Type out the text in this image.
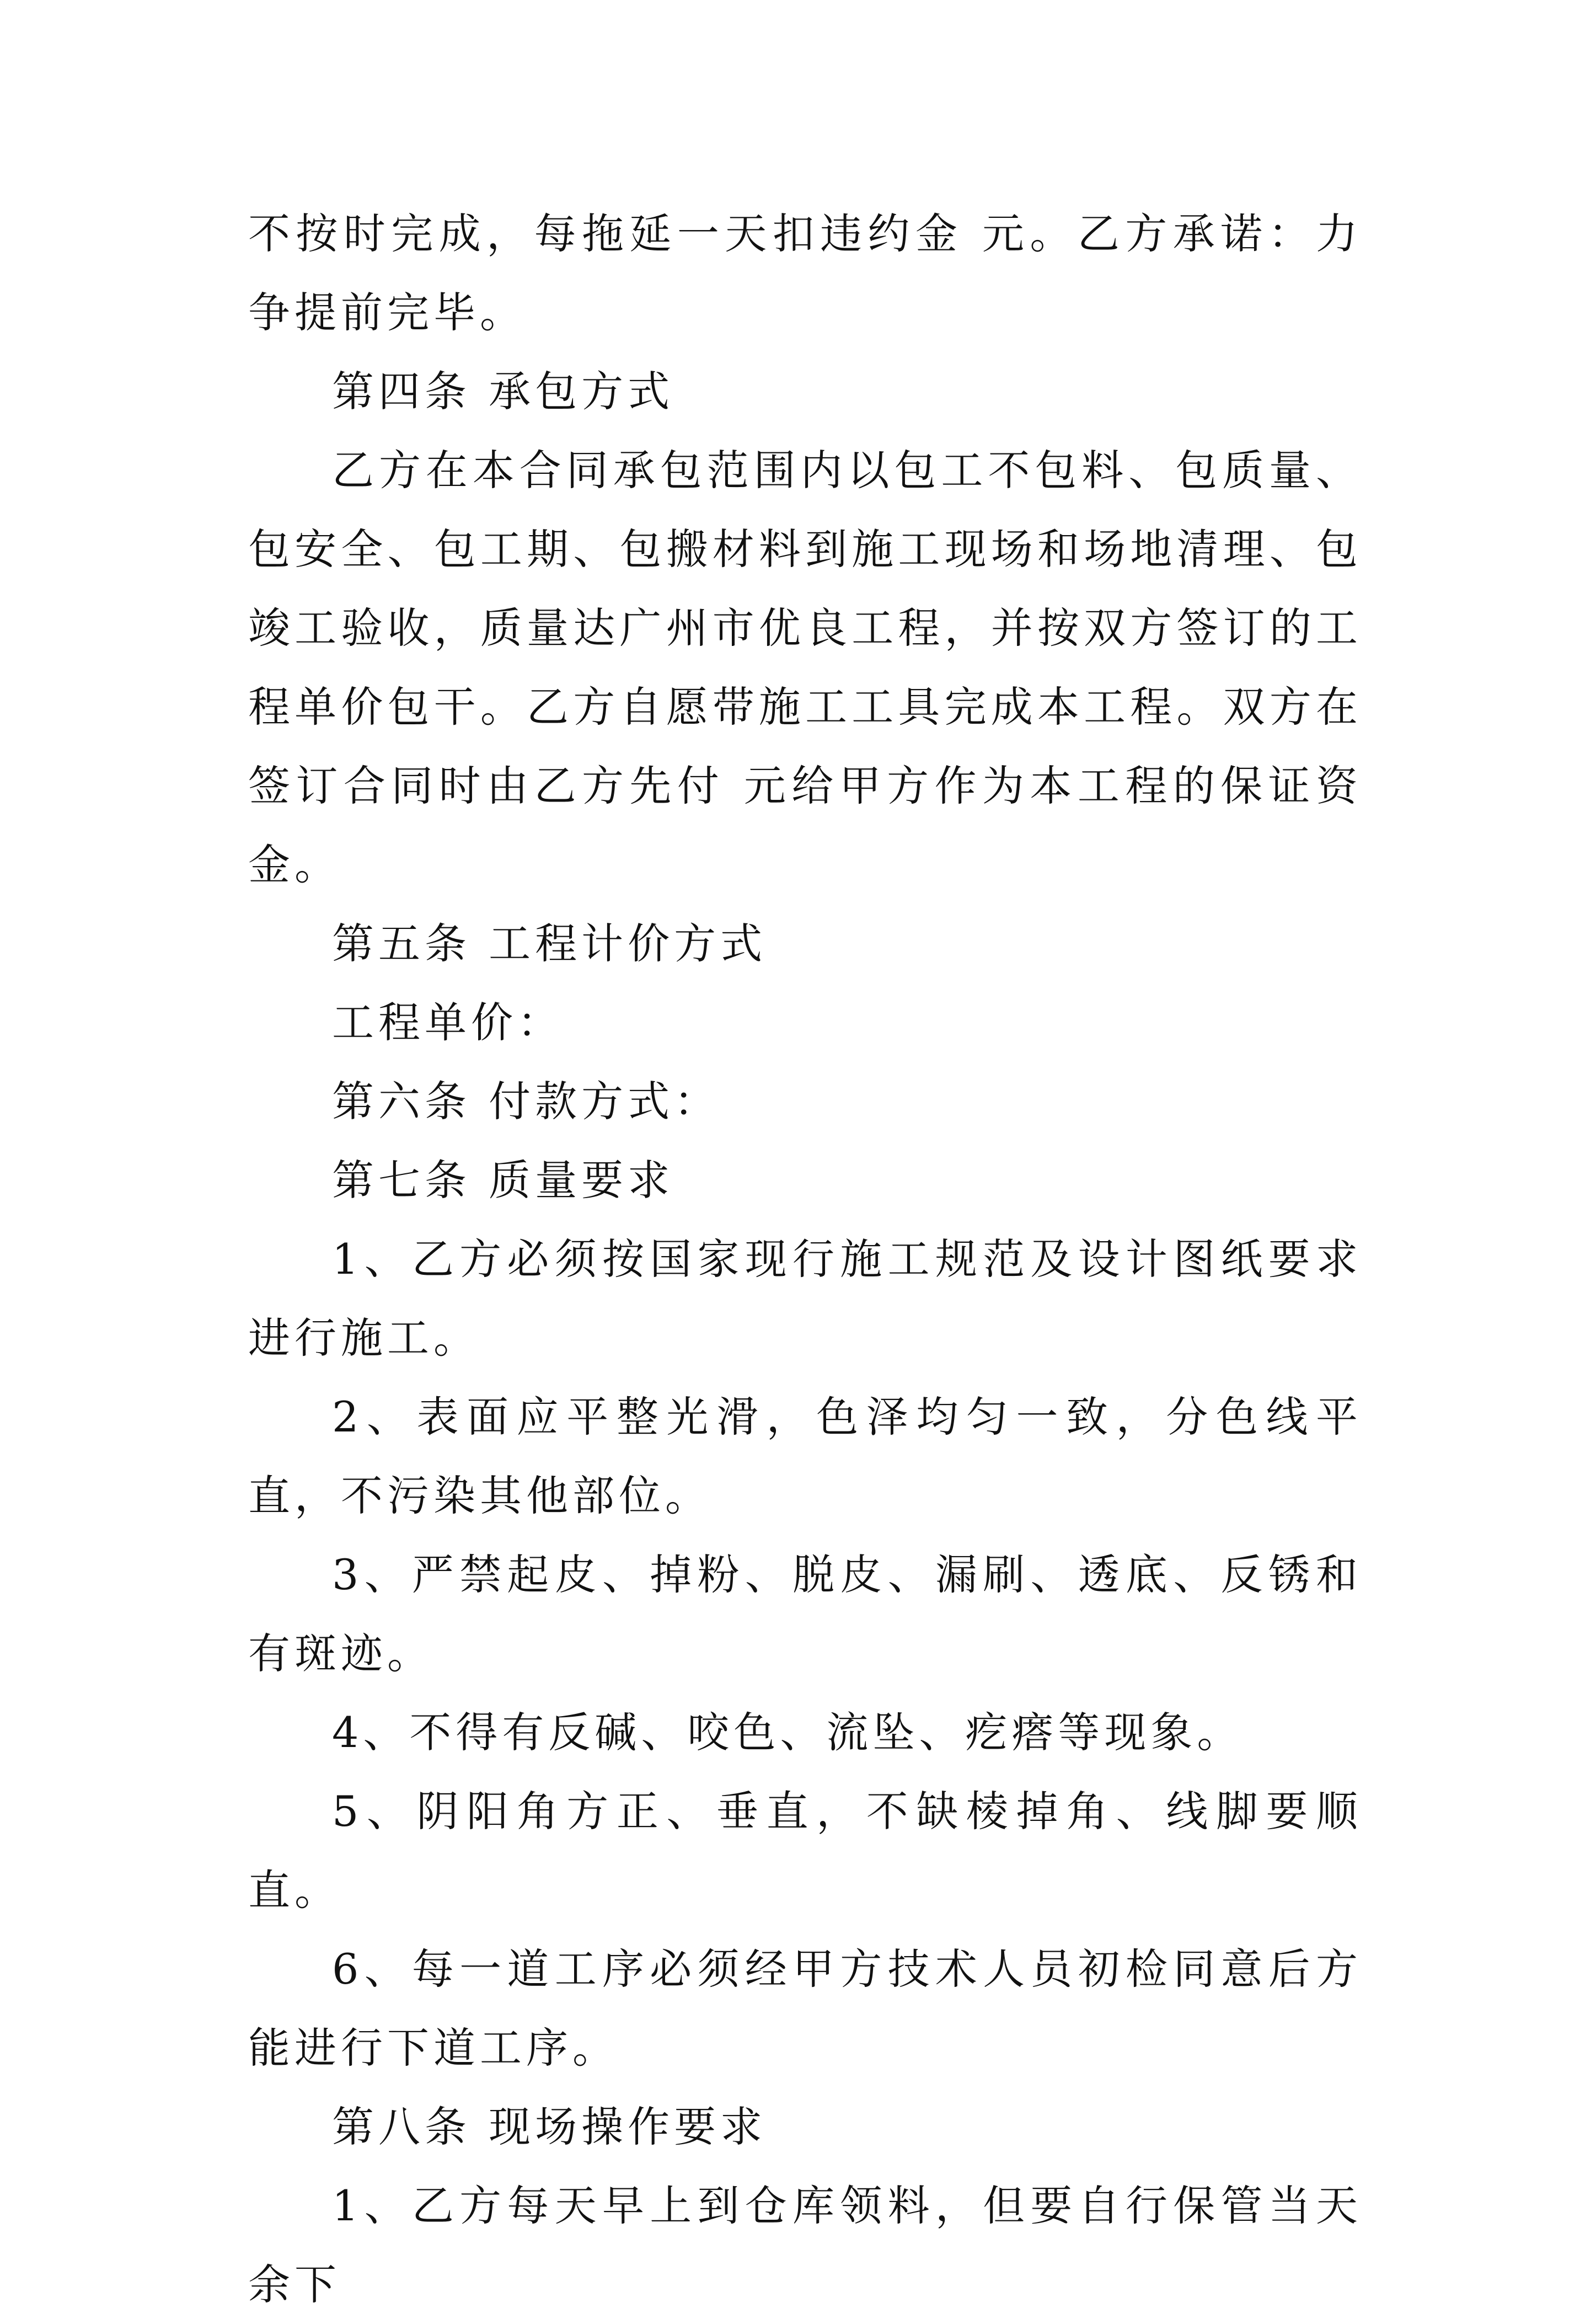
不按时完成，每拖延一天扣违约金 元。乙方承诺：力争提前完毕。

第四条 承包方式

乙方在本合同承包范围内以包工不包料、包质量、包安全、包工期、包搬材料到施工现场和场地清理、包竣工验收，质量达广州市优良工程，并按双方签订的工程单价包干。乙方自愿带施工工具完成本工程。双方在签订合同时由乙方先付 元给甲方作为本工程的保证资金。

第五条 工程计价方式

工程单价：

第六条 付款方式：

第七条 质量要求

1、乙方必须按国家现行施工规范及设计图纸要求进行施工。

2、表面应平整光滑，色泽均匀一致，分色线平直，不污染其他部位。

3、严禁起皮、掉粉、脱皮、漏刷、透底、反锈和有斑迹。

4、不得有反碱、咬色、流坠、疙瘩等现象。

5、阴阳角方正、垂直，不缺棱掉角、线脚要顺直。

6、每一道工序必须经甲方技术人员初检同意后方能进行下道工序。

第八条 现场操作要求

1、乙方每天早上到仓库领料，但要自行保管当天余下
